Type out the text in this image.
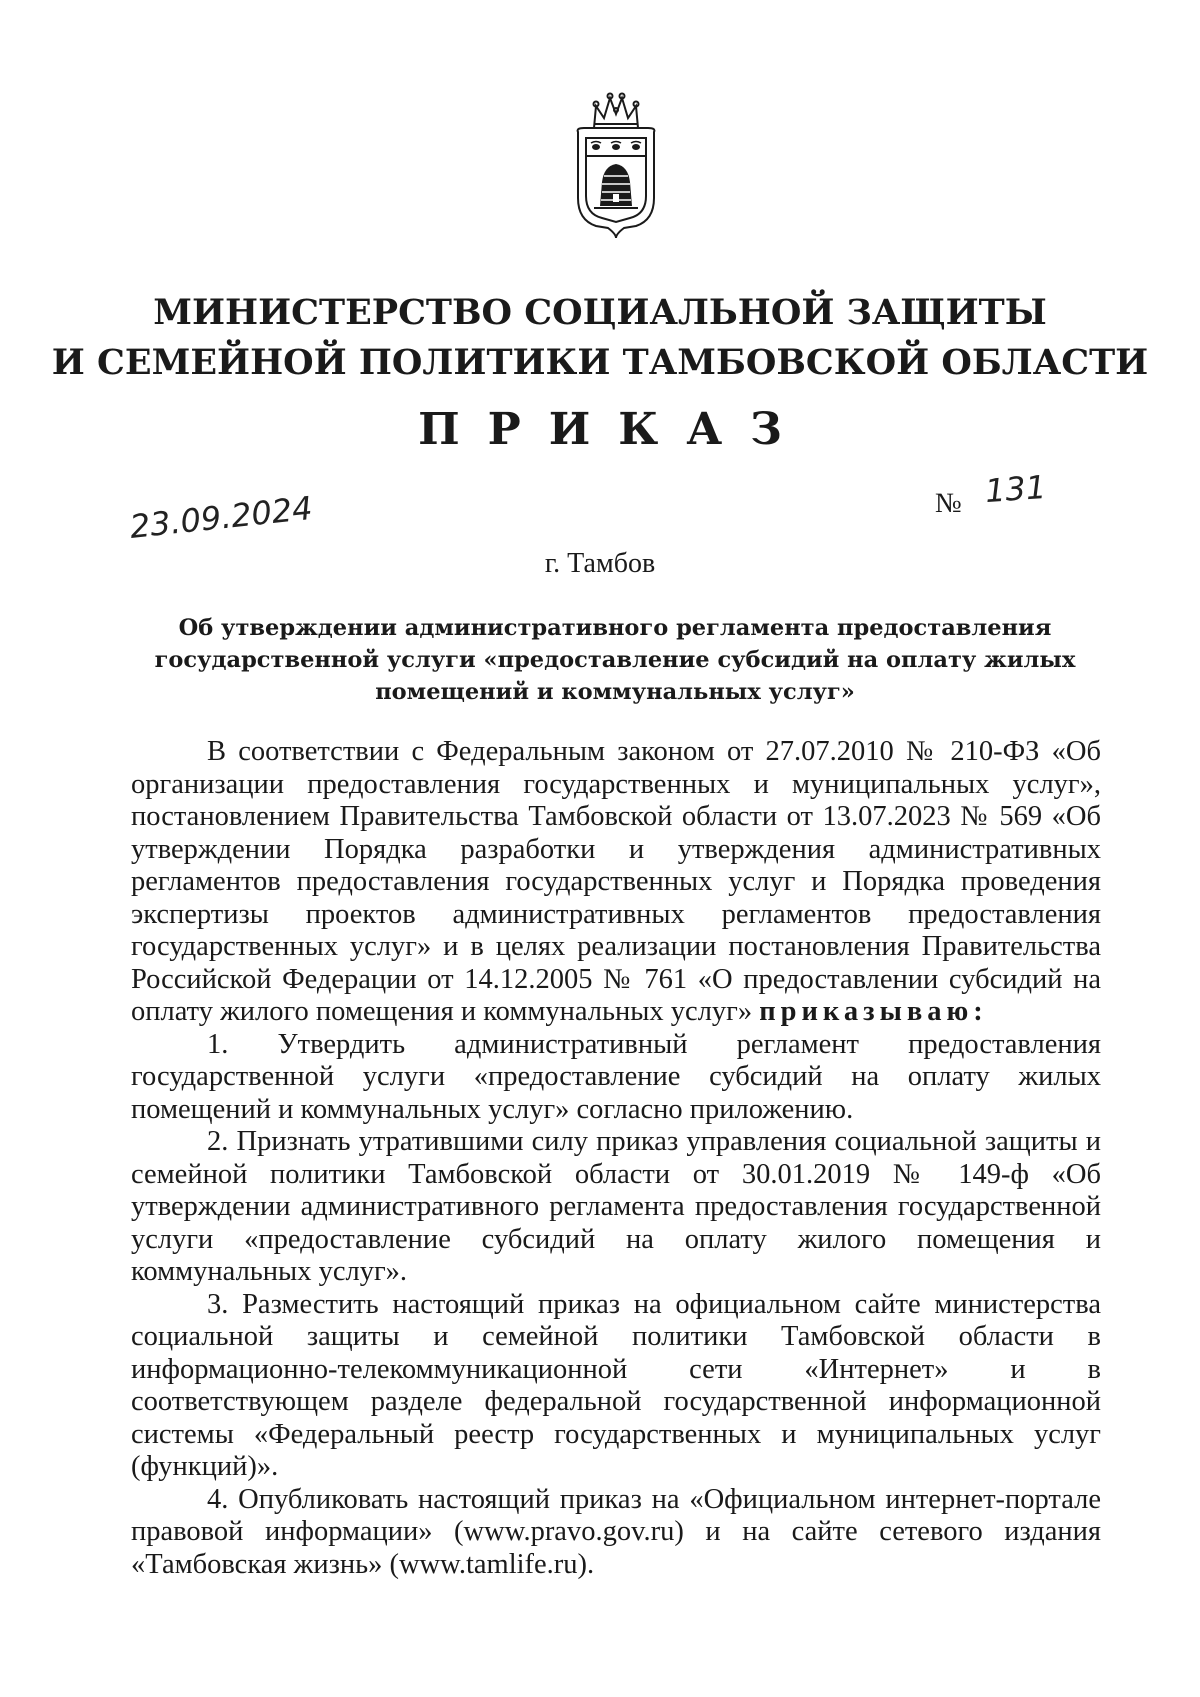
МИНИСТЕРСТВО СОЦИАЛЬНОЙ ЗАЩИТЫ
И СЕМЕЙНОЙ ПОЛИТИКИ ТАМБОВСКОЙ ОБЛАСТИ
ПРИКАЗ
23.09.2024	№ 131
г. Тамбов
Об утверждении административного регламента предоставления государственной услуги «предоставление субсидий на оплату жилых помещений и коммунальных услуг»

В соответствии с Федеральным законом от 27.07.2010 № 210-ФЗ «Об организации предоставления государственных и муниципальных услуг», постановлением Правительства Тамбовской области от 13.07.2023 № 569 «Об утверждении Порядка разработки и утверждения административных регламентов предоставления государственных услуг и Порядка проведения экспертизы проектов административных регламентов предоставления государственных услуг» и в целях реализации постановления Правительства Российской Федерации от 14.12.2005 № 761 «О предоставлении субсидий на оплату жилого помещения и коммунальных услуг» приказываю:

1. Утвердить административный регламент предоставления государственной услуги «предоставление субсидий на оплату жилых помещений и коммунальных услуг» согласно приложению.

2. Признать утратившими силу приказ управления социальной защиты и семейной политики Тамбовской области от 30.01.2019 № 149-ф «Об утверждении административного регламента предоставления государственной услуги «предоставление субсидий на оплату жилого помещения и коммунальных услуг».

3. Разместить настоящий приказ на официальном сайте министерства социальной защиты и семейной политики Тамбовской области в информационно-телекоммуникационной сети «Интернет» и в соответствующем разделе федеральной государственной информационной системы «Федеральный реестр государственных и муниципальных услуг (функций)».

4. Опубликовать настоящий приказ на «Официальном интернет-портале правовой информации» (www.pravo.gov.ru) и на сайте сетевого издания «Тамбовская жизнь» (www.tamlife.ru).
